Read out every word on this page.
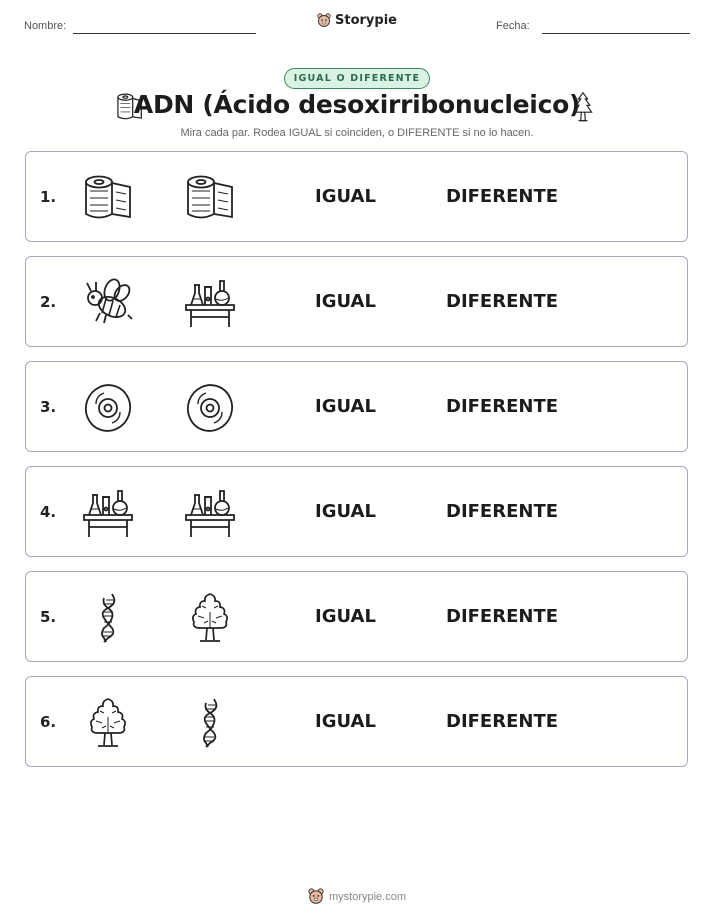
Nombre:	Storypie	Fecha:
IGUAL O DIFERENTE
ADN (Ácido desoxirribonucleico)
Mira cada par. Rodea IGUAL si coinciden, o DIFERENTE si no lo hacen.
1.	IGUAL	DIFERENTE
2.	IGUAL	DIFERENTE
3.	IGUAL	DIFERENTE
4.	IGUAL	DIFERENTE
5.	IGUAL	DIFERENTE
6.	IGUAL	DIFERENTE
mystorypie.com
